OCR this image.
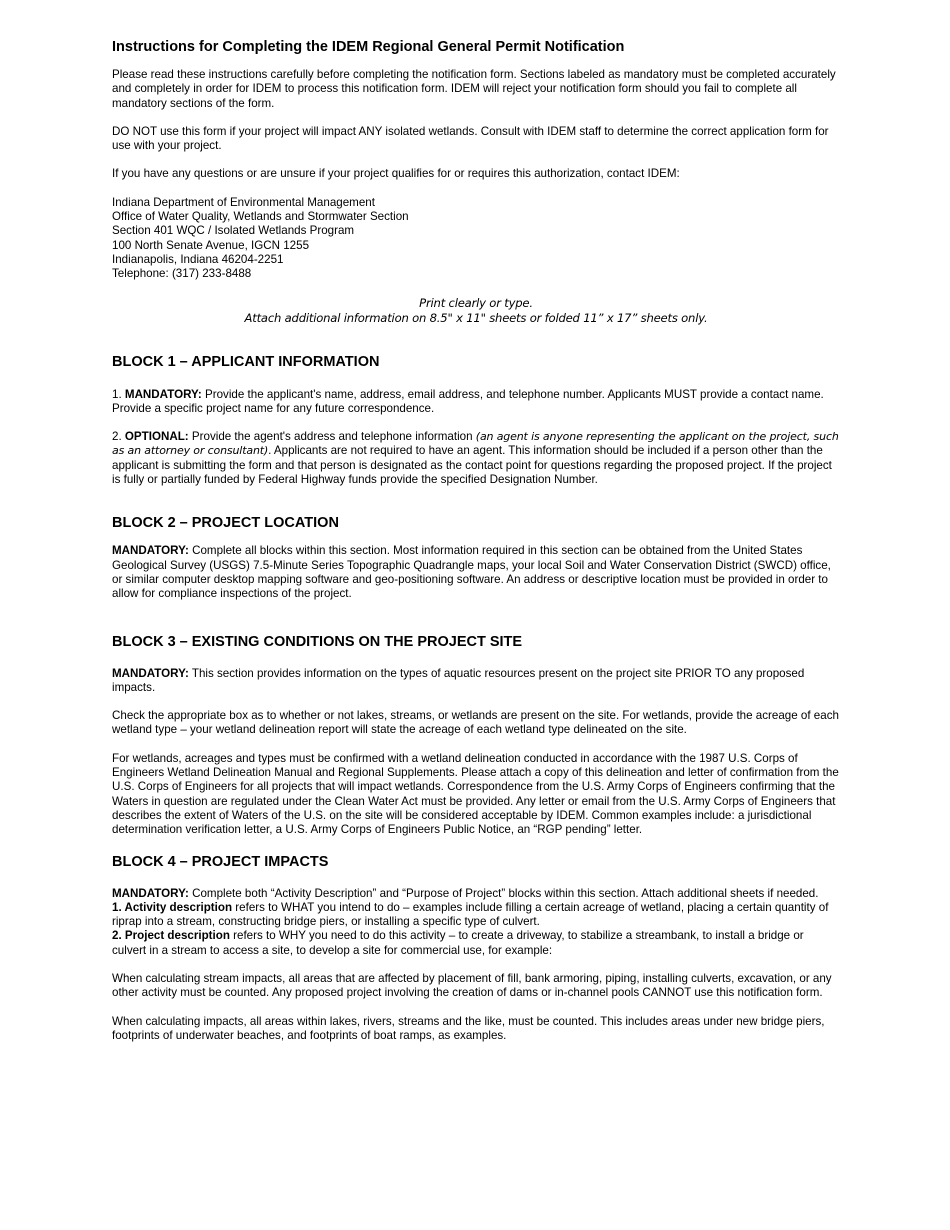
Instructions for Completing the IDEM Regional General Permit Notification

Please read these instructions carefully before completing the notification form. Sections labeled as mandatory must be completed accurately and completely in order for IDEM to process this notification form. IDEM will reject your notification form should you fail to complete all mandatory sections of the form.

DO NOT use this form if your project will impact ANY isolated wetlands. Consult with IDEM staff to determine the correct application form for use with your project.

If you have any questions or are unsure if your project qualifies for or requires this authorization, contact IDEM:

Indiana Department of Environmental Management
Office of Water Quality, Wetlands and Stormwater Section
Section 401 WQC / Isolated Wetlands Program
100 North Senate Avenue, IGCN 1255
Indianapolis, Indiana 46204-2251
Telephone: (317) 233-8488
Print clearly or type.
Attach additional information on 8.5" x 11" sheets or folded 11” x 17” sheets only.
BLOCK 1 – APPLICANT INFORMATION

1. MANDATORY: Provide the applicant's name, address, email address, and telephone number. Applicants MUST provide a contact name. Provide a specific project name for any future correspondence.

2. OPTIONAL: Provide the agent's address and telephone information (an agent is anyone representing the applicant on the project, such as an attorney or consultant). Applicants are not required to have an agent. This information should be included if a person other than the applicant is submitting the form and that person is designated as the contact point for questions regarding the proposed project. If the project is fully or partially funded by Federal Highway funds provide the specified Designation Number.

BLOCK 2 – PROJECT LOCATION

MANDATORY: Complete all blocks within this section. Most information required in this section can be obtained from the United States Geological Survey (USGS) 7.5-Minute Series Topographic Quadrangle maps, your local Soil and Water Conservation District (SWCD) office, or similar computer desktop mapping software and geo-positioning software. An address or descriptive location must be provided in order to allow for compliance inspections of the project.

BLOCK 3 – EXISTING CONDITIONS ON THE PROJECT SITE

MANDATORY: This section provides information on the types of aquatic resources present on the project site PRIOR TO any proposed impacts.

Check the appropriate box as to whether or not lakes, streams, or wetlands are present on the site. For wetlands, provide the acreage of each wetland type – your wetland delineation report will state the acreage of each wetland type delineated on the site.

For wetlands, acreages and types must be confirmed with a wetland delineation conducted in accordance with the 1987 U.S. Corps of Engineers Wetland Delineation Manual and Regional Supplements. Please attach a copy of this delineation and letter of confirmation from the U.S. Corps of Engineers for all projects that will impact wetlands. Correspondence from the U.S. Army Corps of Engineers confirming that the Waters in question are regulated under the Clean Water Act must be provided. Any letter or email from the U.S. Army Corps of Engineers that describes the extent of Waters of the U.S. on the site will be considered acceptable by IDEM. Common examples include: a jurisdictional determination verification letter, a U.S. Army Corps of Engineers Public Notice, an “RGP pending” letter.

BLOCK 4 – PROJECT IMPACTS

MANDATORY: Complete both “Activity Description” and “Purpose of Project” blocks within this section. Attach additional sheets if needed.
1. Activity description refers to WHAT you intend to do – examples include filling a certain acreage of wetland, placing a certain quantity of riprap into a stream, constructing bridge piers, or installing a specific type of culvert.
2. Project description refers to WHY you need to do this activity – to create a driveway, to stabilize a streambank, to install a bridge or culvert in a stream to access a site, to develop a site for commercial use, for example:

When calculating stream impacts, all areas that are affected by placement of fill, bank armoring, piping, installing culverts, excavation, or any other activity must be counted. Any proposed project involving the creation of dams or in-channel pools CANNOT use this notification form.

When calculating impacts, all areas within lakes, rivers, streams and the like, must be counted. This includes areas under new bridge piers, footprints of underwater beaches, and footprints of boat ramps, as examples.
